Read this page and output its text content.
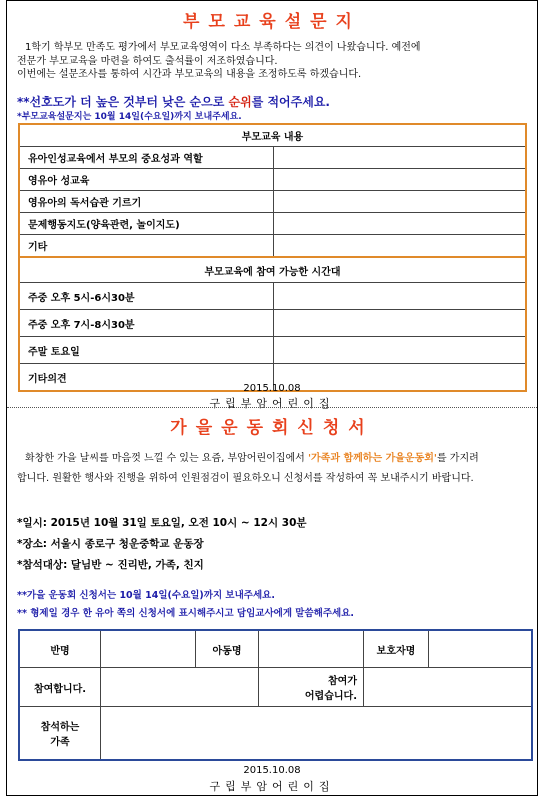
부모교육설문지
1학기 학부모 만족도 평가에서 부모교육영역이 다소 부족하다는 의견이 나왔습니다. 예전에
전문가 부모교육을 마련을 하여도 출석률이 저조하였습니다.
이번에는 설문조사를 통하여 시간과 부모교육의 내용을 조정하도록 하겠습니다.
**선호도가 더 높은 것부터 낮은 순으로 순위를 적어주세요.
*부모교육설문지는 10월 14일(수요일)까지 보내주세요.
부모교육 내용	
유아인성교육에서 부모의 중요성과 역할	
영유아 성교육	
영유아의 독서습관 기르기	
문제행동지도(양육관련, 놀이지도)	
기타	
부모교육에 참여 가능한 시간대	
주중 오후 5시-6시30분	
주중 오후 7시-8시30분	
주말 토요일	
기타의견	
2015.10.08
구립부암어린이집
가을운동회신청서
화창한 가을 날씨를 마음껏 느낄 수 있는 요즘, 부암어린이집에서 '가족과 함께하는 가을운동회'를 가지려
합니다. 원활한 행사와 진행을 위하여 인원점검이 필요하오니 신청서를 작성하여 꼭 보내주시기 바랍니다.
*일시: 2015년 10월 31일 토요일, 오전 10시 ~ 12시 30분
*장소: 서울시 종로구 청운중학교 운동장
*참석대상: 달님반 ~ 진리반, 가족, 친지
**가을 운동회 신청서는 10월 14일(수요일)까지 보내주세요.
** 형제일 경우 한 유아 쪽의 신청서에 표시해주시고 담임교사에게 말씀해주세요.
반명		아동명		보호자명	
참여합니다.			참여가
어렵습니다.		

참석하는
가족					

2015.10.08
구립부암어린이집
